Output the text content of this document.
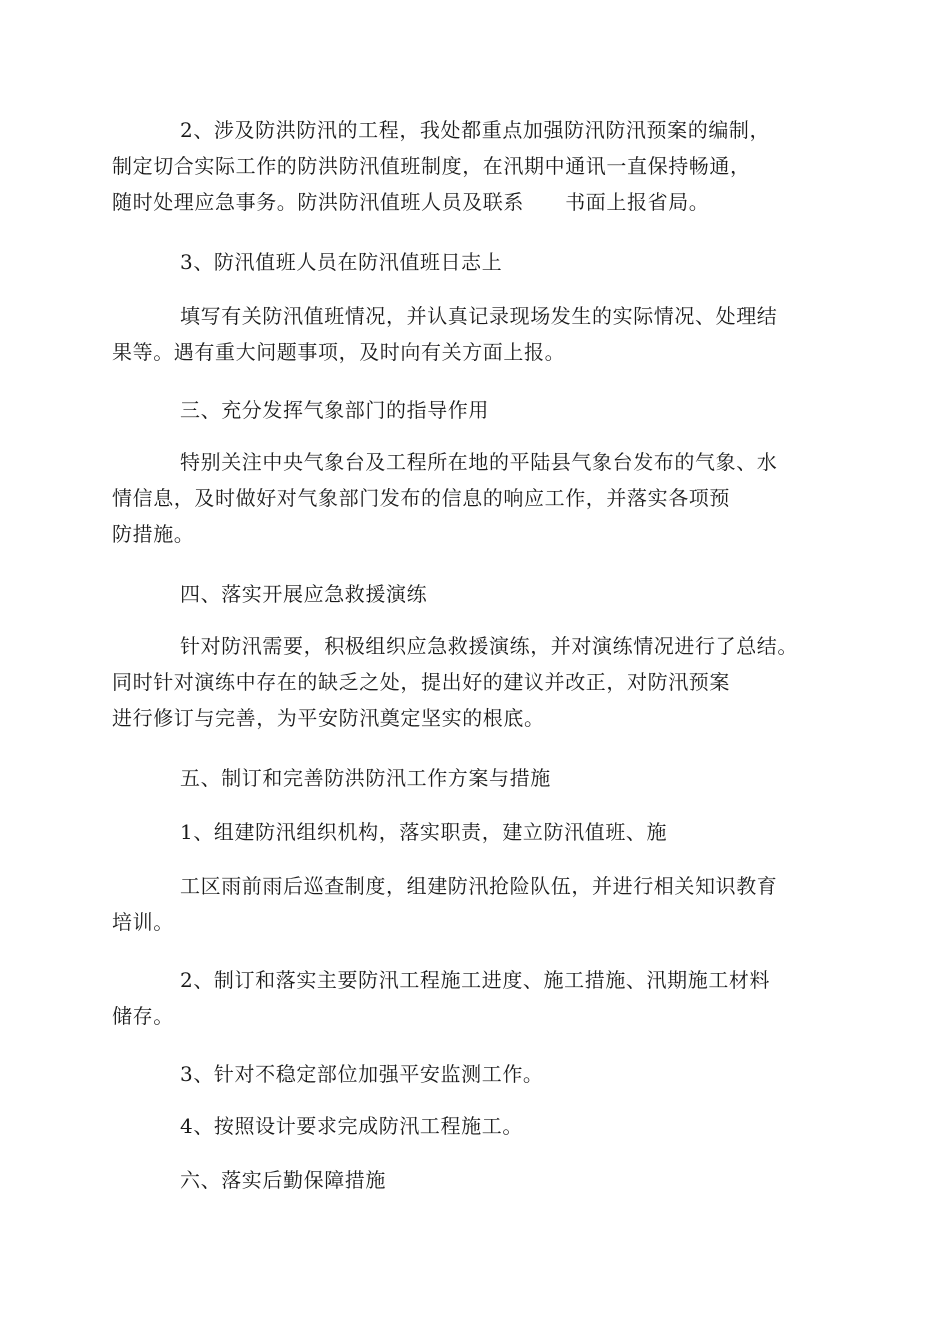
2、涉及防洪防汛的工程，我处都重点加强防汛防汛预案的编制，
制定切合实际工作的防洪防汛值班制度，在汛期中通讯一直保持畅通，
随时处理应急事务。防洪防汛值班人员及联系　　书面上报省局。

3、防汛值班人员在防汛值班日志上

填写有关防汛值班情况，并认真记录现场发生的实际情况、处理结
果等。遇有重大问题事项，及时向有关方面上报。

三、充分发挥气象部门的指导作用

特别关注中央气象台及工程所在地的平陆县气象台发布的气象、水
情信息，及时做好对气象部门发布的信息的响应工作，并落实各项预
防措施。

四、落实开展应急救援演练

针对防汛需要，积极组织应急救援演练，并对演练情况进行了总结。
同时针对演练中存在的缺乏之处，提出好的建议并改正，对防汛预案
进行修订与完善，为平安防汛奠定坚实的根底。

五、制订和完善防洪防汛工作方案与措施

1、组建防汛组织机构，落实职责，建立防汛值班、施

工区雨前雨后巡查制度，组建防汛抢险队伍，并进行相关知识教育
培训。

2、制订和落实主要防汛工程施工进度、施工措施、汛期施工材料
储存。

3、针对不稳定部位加强平安监测工作。

4、按照设计要求完成防汛工程施工。

六、落实后勤保障措施
